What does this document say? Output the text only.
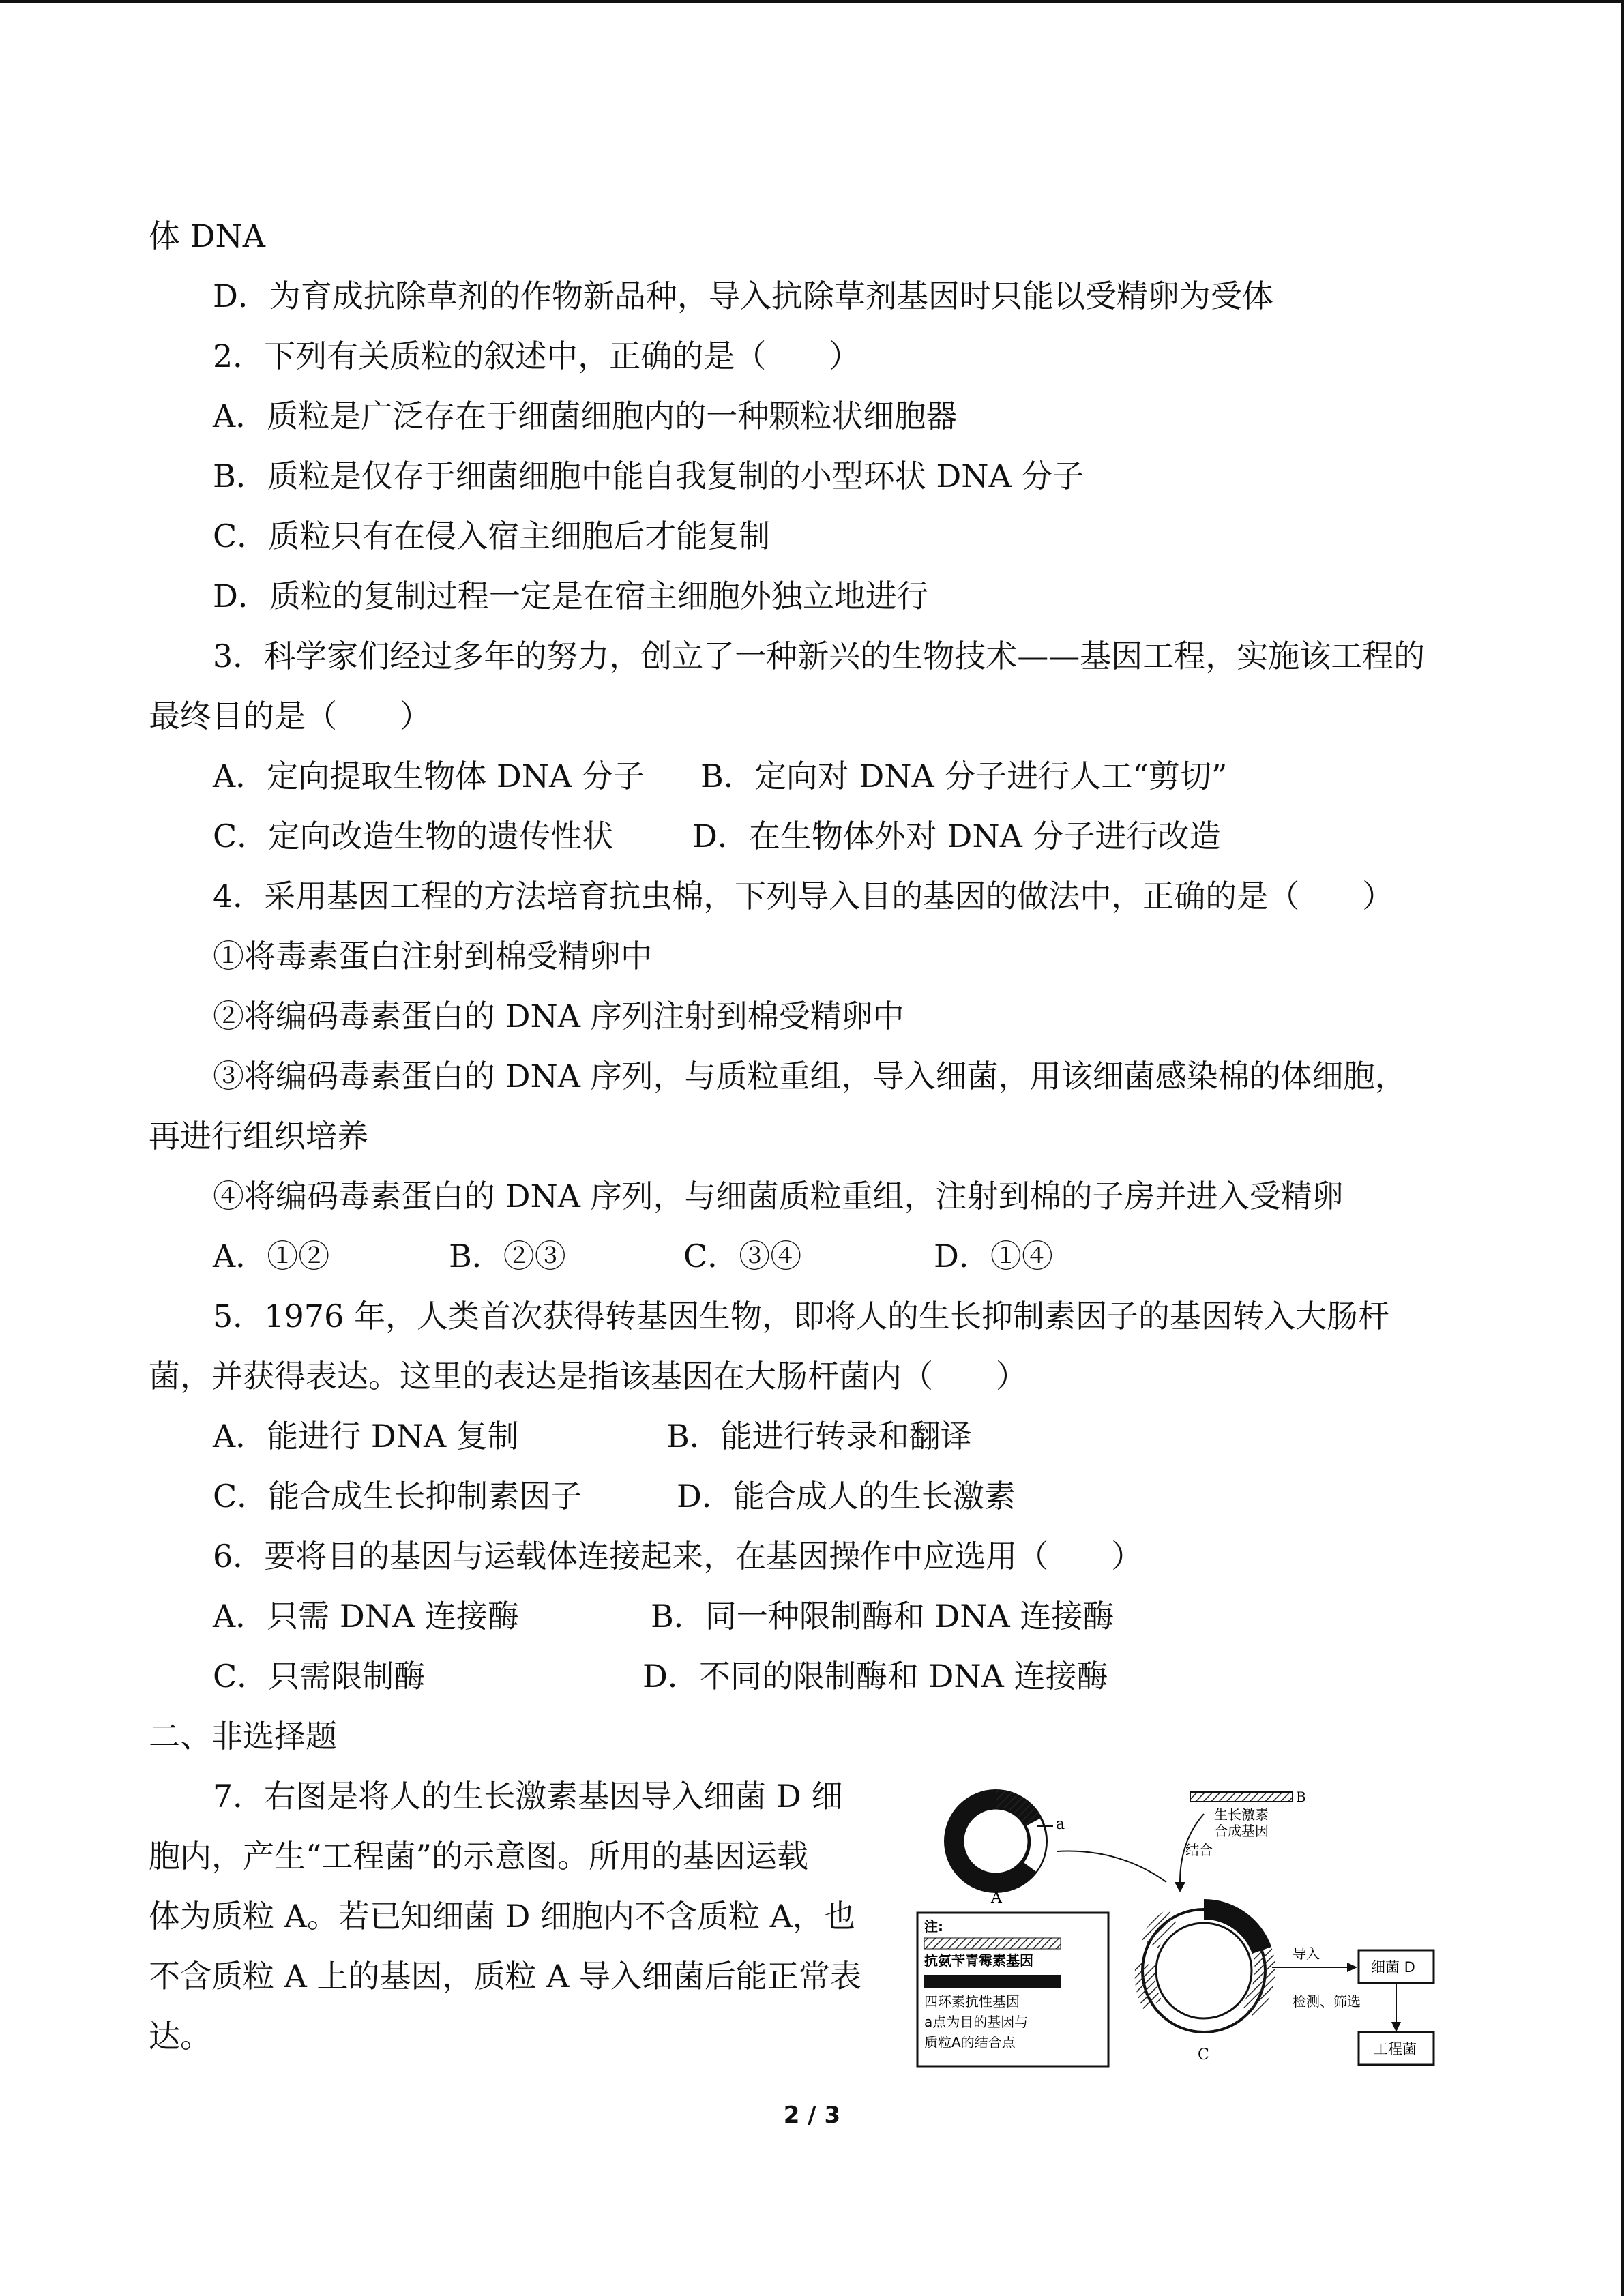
体 DNA
D．为育成抗除草剂的作物新品种，导入抗除草剂基因时只能以受精卵为受体
2．下列有关质粒的叙述中，正确的是（　　）
A．质粒是广泛存在于细菌细胞内的一种颗粒状细胞器
B．质粒是仅存于细菌细胞中能自我复制的小型环状 DNA 分子
C．质粒只有在侵入宿主细胞后才能复制
D．质粒的复制过程一定是在宿主细胞外独立地进行
3．科学家们经过多年的努力，创立了一种新兴的生物技术——基因工程，实施该工程的
最终目的是（　　）
A．定向提取生物体 DNA 分子 B．定向对 DNA 分子进行人工“剪切”
C．定向改造生物的遗传性状	D．在生物体外对 DNA 分子进行改造
4．采用基因工程的方法培育抗虫棉，下列导入目的基因的做法中，正确的是（　　）
①将毒素蛋白注射到棉受精卵中
②将编码毒素蛋白的 DNA 序列注射到棉受精卵中
③将编码毒素蛋白的 DNA 序列，与质粒重组，导入细菌，用该细菌感染棉的体细胞，
再进行组织培养
④将编码毒素蛋白的 DNA 序列，与细菌质粒重组，注射到棉的子房并进入受精卵
A．①②	B．②③	C．③④	D．①④
5．1976 年，人类首次获得转基因生物，即将人的生长抑制素因子的基因转入大肠杆
菌，并获得表达。这里的表达是指该基因在大肠杆菌内（　　）
A．能进行 DNA 复制	B．能进行转录和翻译
C．能合成生长抑制素因子	D．能合成人的生长激素
6．要将目的基因与运载体连接起来，在基因操作中应选用（　　）
A．只需 DNA 连接酶	B．同一种限制酶和 DNA 连接酶
C．只需限制酶	D．不同的限制酶和 DNA 连接酶
二、非选择题
7．右图是将人的生长激素基因导入细菌 D 细
胞内，产生“工程菌”的示意图。所用的基因运载
体为质粒 A。若已知细菌 D 细胞内不含质粒 A，也
不含质粒 A 上的基因，质粒 A 导入细菌后能正常表
达。
a
A
B
生长激素
合成基因
结合
注:
抗氨苄青霉素基因
四环素抗性基因
a点为目的基因与
质粒A的结合点
C
导入
细菌 D
检测、筛选
工程菌
2 / 3
